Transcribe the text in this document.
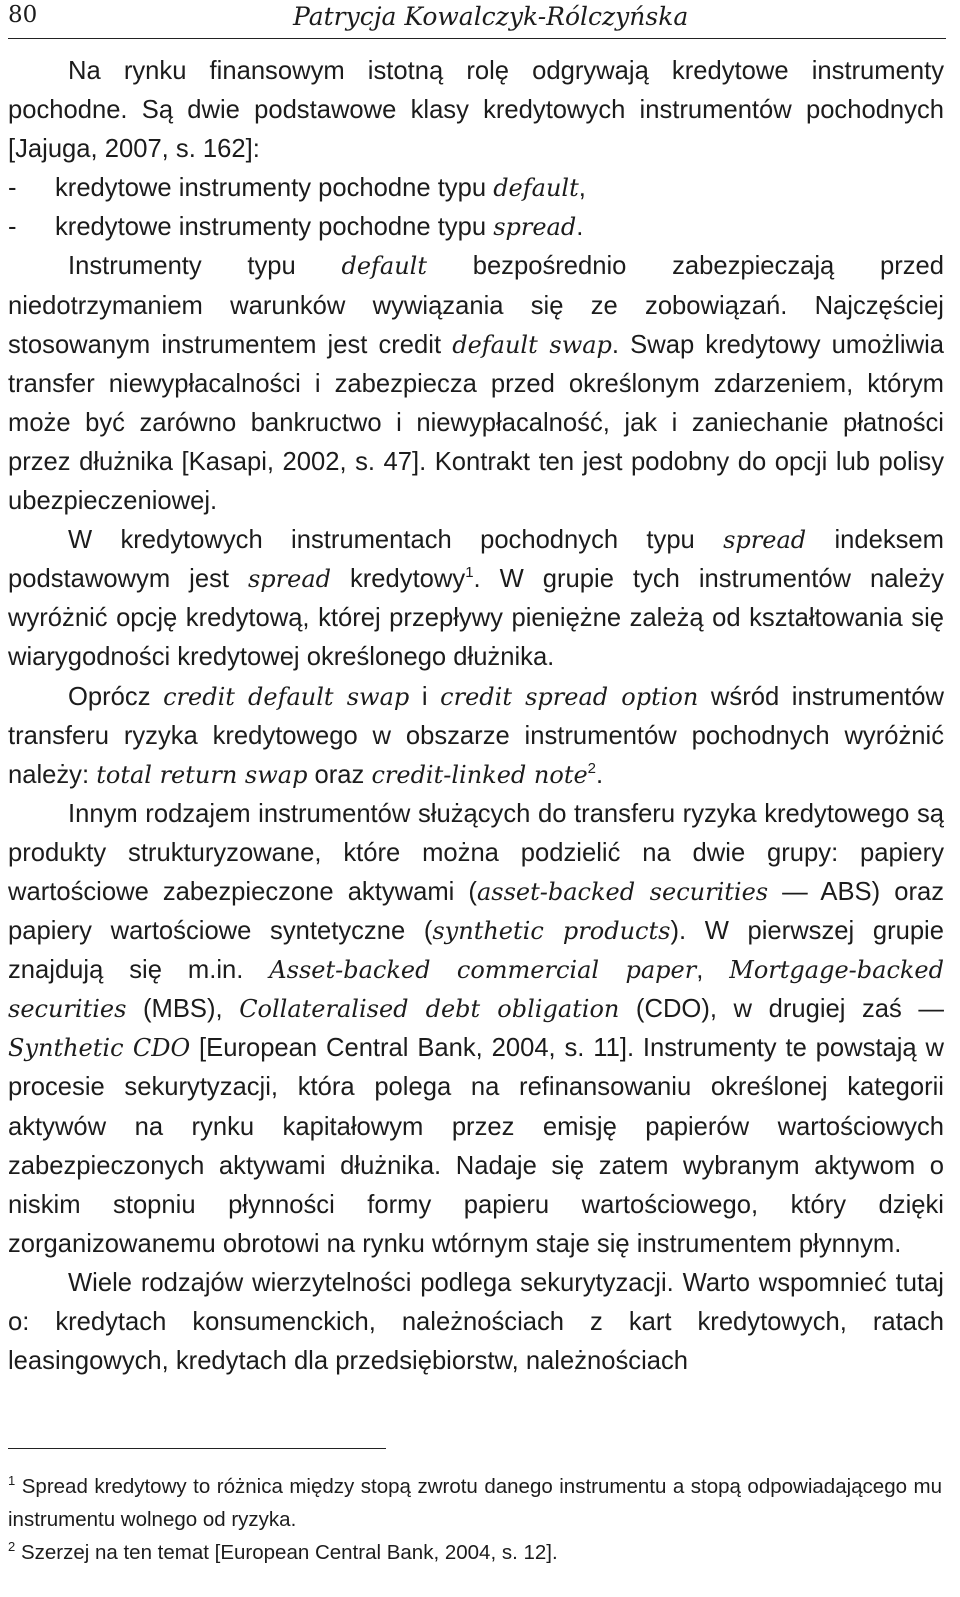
80	Patrycja Kowalczyk-Rólczyńska

Na rynku finansowym istotną rolę odgrywają kredytowe instrumenty pochodne. Są dwie podstawowe klasy kredytowych instrumentów pochodnych [Jajuga, 2007, s. 162]:

- kredytowe instrumenty pochodne typu default,
- kredytowe instrumenty pochodne typu spread.

Instrumenty typu default bezpośrednio zabezpieczają przed niedotrzymaniem warunków wywiązania się ze zobowiązań. Najczęściej stosowanym instrumentem jest credit default swap. Swap kredytowy umożliwia transfer niewypłacalności i zabezpiecza przed określonym zdarzeniem, którym może być zarówno bankructwo i niewypłacalność, jak i zaniechanie płatności przez dłużnika [Kasapi, 2002, s. 47]. Kontrakt ten jest podobny do opcji lub polisy ubezpieczeniowej.

W kredytowych instrumentach pochodnych typu spread indeksem podstawowym jest spread kredytowy$^1$. W grupie tych instrumentów należy wyróżnić opcję kredytową, której przepływy pieniężne zależą od kształtowania się wiarygodności kredytowej określonego dłużnika.

Oprócz credit default swap i credit spread option wśród instrumentów transferu ryzyka kredytowego w obszarze instrumentów pochodnych wyróżnić należy: total return swap oraz credit-linked note$^2$.

Innym rodzajem instrumentów służących do transferu ryzyka kredytowego są produkty strukturyzowane, które można podzielić na dwie grupy: papiery wartościowe zabezpieczone aktywami (asset-backed securities — ABS) oraz papiery wartościowe syntetyczne (synthetic products). W pierwszej grupie znajdują się m.in. Asset-backed commercial paper, Mortgage-backed securities (MBS), Collateralised debt obligation (CDO), w drugiej zaś — Synthetic CDO [European Central Bank, 2004, s. 11]. Instrumenty te powstają w procesie sekurytyzacji, która polega na refinansowaniu określonej kategorii aktywów na rynku kapitałowym przez emisję papierów wartościowych zabezpieczonych aktywami dłużnika. Nadaje się zatem wybranym aktywom o niskim stopniu płynności formy papieru wartościowego, który dzięki zorganizowanemu obrotowi na rynku wtórnym staje się instrumentem płynnym.

Wiele rodzajów wierzytelności podlega sekurytyzacji. Warto wspomnieć tutaj o: kredytach konsumenckich, należnościach z kart kredytowych, ratach leasingowych, kredytach dla przedsiębiorstw, należnościach

$^1$ Spread kredytowy to różnica między stopą zwrotu danego instrumentu a stopą odpowiadającego mu instrumentu wolnego od ryzyka.

$^2$ Szerzej na ten temat [European Central Bank, 2004, s. 12].
